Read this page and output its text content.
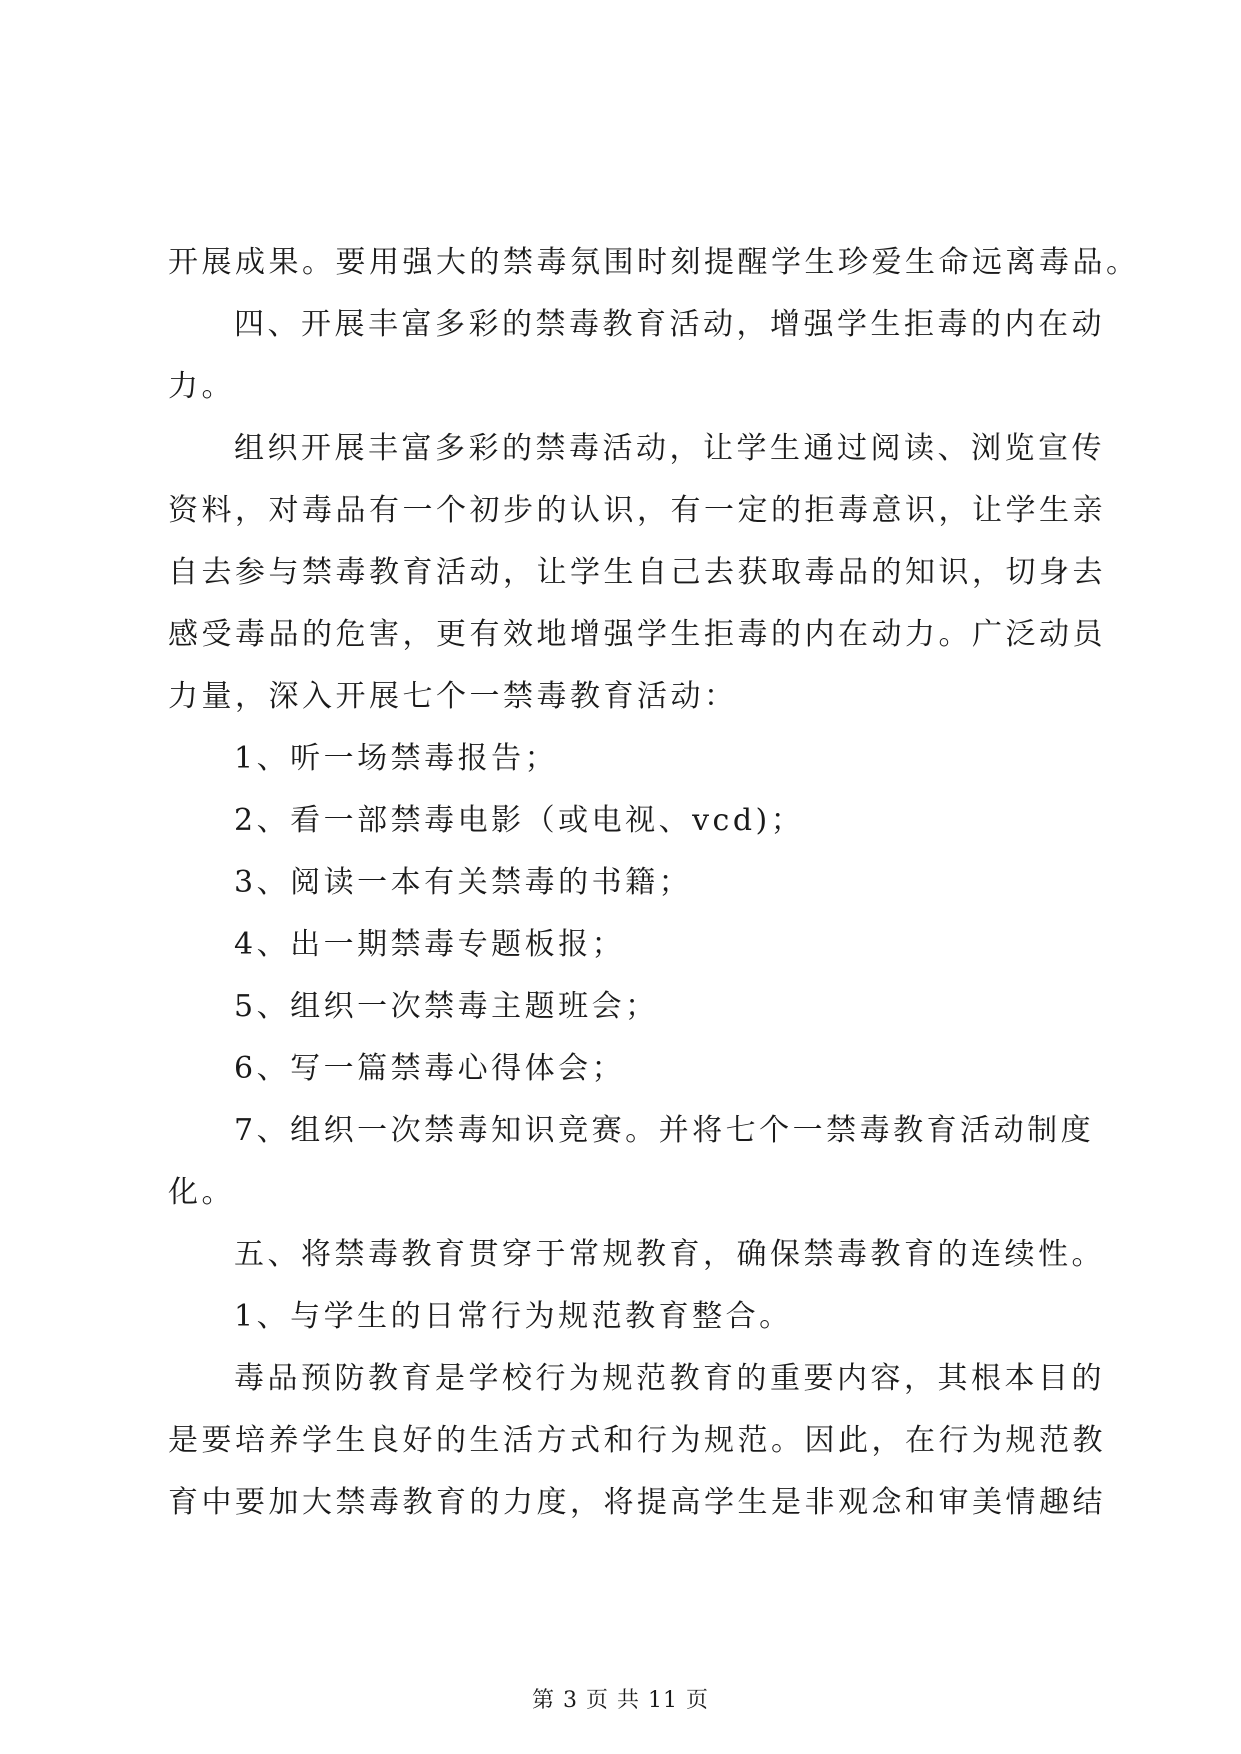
开展成果。要用强大的禁毒氛围时刻提醒学生珍爱生命远离毒品。
四、开展丰富多彩的禁毒教育活动，增强学生拒毒的内在动
力。
组织开展丰富多彩的禁毒活动，让学生通过阅读、浏览宣传
资料，对毒品有一个初步的认识，有一定的拒毒意识，让学生亲
自去参与禁毒教育活动，让学生自己去获取毒品的知识，切身去
感受毒品的危害，更有效地增强学生拒毒的内在动力。广泛动员
力量，深入开展七个一禁毒教育活动：
1、听一场禁毒报告；
2、看一部禁毒电影（或电视、vcd)；
3、阅读一本有关禁毒的书籍；
4、出一期禁毒专题板报；
5、组织一次禁毒主题班会；
6、写一篇禁毒心得体会；
7、组织一次禁毒知识竞赛。并将七个一禁毒教育活动制度
化。
五、将禁毒教育贯穿于常规教育，确保禁毒教育的连续性。
1、与学生的日常行为规范教育整合。
毒品预防教育是学校行为规范教育的重要内容，其根本目的
是要培养学生良好的生活方式和行为规范。因此，在行为规范教
育中要加大禁毒教育的力度，将提高学生是非观念和审美情趣结
第 3 页 共 11 页
